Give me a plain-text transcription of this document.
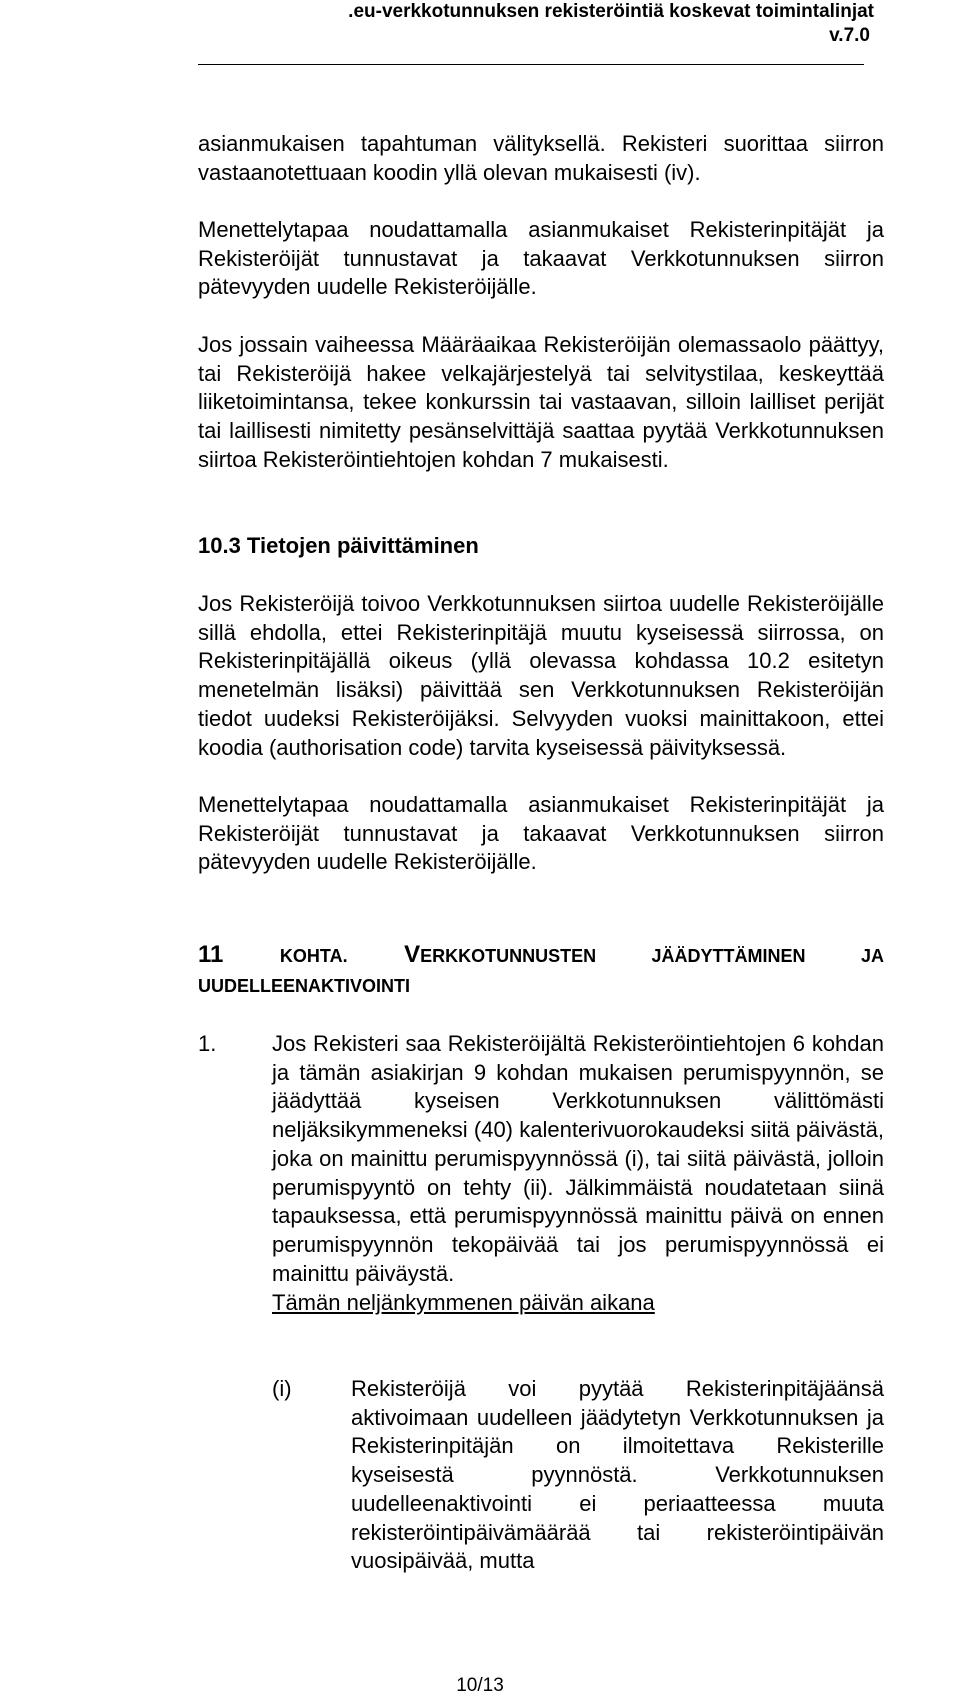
.eu-verkkotunnuksen rekisteröintiä koskevat toimintalinjat
v.7.0

asianmukaisen tapahtuman välityksellä. Rekisteri suorittaa siirron vastaanotettuaan koodin yllä olevan mukaisesti (iv).

Menettelytapaa noudattamalla asianmukaiset Rekisterinpitäjät ja Rekisteröijät tunnustavat ja takaavat Verkkotunnuksen siirron pätevyyden uudelle Rekisteröijälle.

Jos jossain vaiheessa Määräaikaa Rekisteröijän olemassaolo päättyy, tai Rekisteröijä hakee velkajärjestelyä tai selvitystilaa, keskeyttää liiketoimintansa, tekee konkurssin tai vastaavan, silloin lailliset perijät tai laillisesti nimitetty pesänselvittäjä saattaa pyytää Verkkotunnuksen siirtoa Rekisteröintiehtojen kohdan 7 mukaisesti.

10.3 Tietojen päivittäminen

Jos Rekisteröijä toivoo Verkkotunnuksen siirtoa uudelle Rekisteröijälle sillä ehdolla, ettei Rekisterinpitäjä muutu kyseisessä siirrossa, on Rekisterinpitäjällä oikeus (yllä olevassa kohdassa 10.2 esitetyn menetelmän lisäksi) päivittää sen Verkkotunnuksen Rekisteröijän tiedot uudeksi Rekisteröijäksi. Selvyyden vuoksi mainittakoon, ettei koodia (authorisation code) tarvita kyseisessä päivityksessä.

Menettelytapaa noudattamalla asianmukaiset Rekisterinpitäjät ja Rekisteröijät tunnustavat ja takaavat Verkkotunnuksen siirron pätevyyden uudelle Rekisteröijälle.

11	KOHTA. VERKKOTUNNUSTEN JÄÄDYTTÄMINEN JA UUDELLEENAKTIVOINTI
1.	Jos Rekisteri saa Rekisteröijältä Rekisteröintiehtojen 6 kohdan ja tämän asiakirjan 9 kohdan mukaisen perumispyynnön, se jäädyttää kyseisen Verkkotunnuksen välittömästi neljäksikymmeneksi (40) kalenterivuorokaudeksi siitä päivästä, joka on mainittu perumispyynnössä (i), tai siitä päivästä, jolloin perumispyyntö on tehty (ii). Jälkimmäistä noudatetaan siinä tapauksessa, että perumispyynnössä mainittu päivä on ennen perumispyynnön tekopäivää tai jos perumispyynnössä ei mainittu päiväystä.

Tämän neljänkymmenen päivän aikana

(i)	Rekisteröijä voi pyytää Rekisterinpitäjäänsä aktivoimaan uudelleen jäädytetyn Verkkotunnuksen ja Rekisterinpitäjän on ilmoitettava Rekisterille kyseisestä pyynnöstä. Verkkotunnuksen uudelleenaktivointi ei periaatteessa muuta rekisteröintipäivämäärää tai rekisteröintipäivän vuosipäivää, mutta

10/13
